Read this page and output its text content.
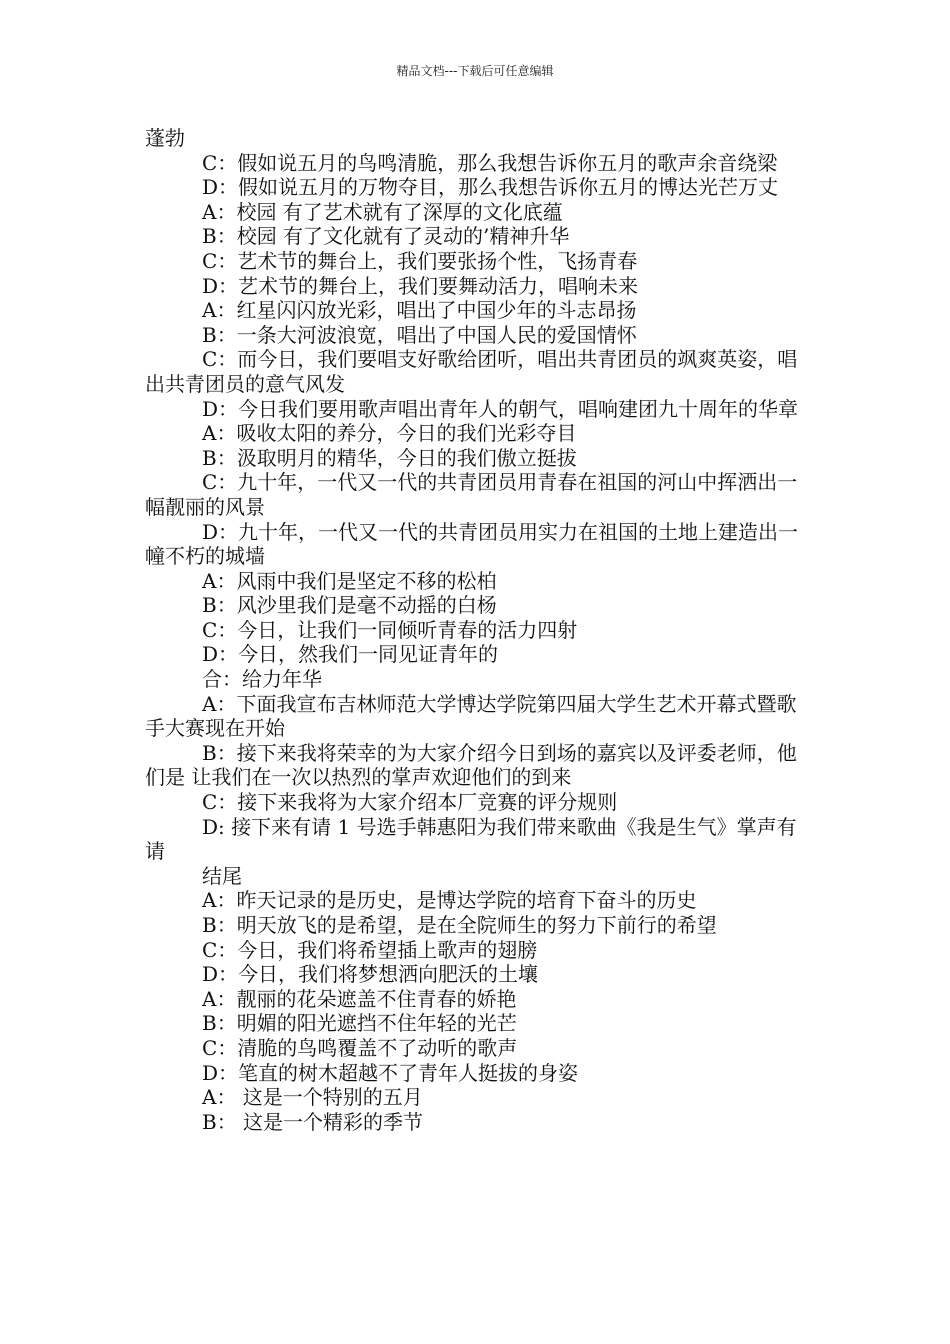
精品文档---下载后可任意编辑

蓬勃

C：假如说五月的鸟鸣清脆，那么我想告诉你五月的歌声余音绕梁

D：假如说五月的万物夺目，那么我想告诉你五月的博达光芒万丈

A：校园 有了艺术就有了深厚的文化底蕴

B：校园 有了文化就有了灵动的’精神升华

C：艺术节的舞台上，我们要张扬个性，飞扬青春

D：艺术节的舞台上，我们要舞动活力，唱响未来

A：红星闪闪放光彩，唱出了中国少年的斗志昂扬

B：一条大河波浪宽，唱出了中国人民的爱国情怀

C：而今日，我们要唱支好歌给团听，唱出共青团员的飒爽英姿，唱出共青团员的意气风发

D：今日我们要用歌声唱出青年人的朝气，唱响建团九十周年的华章

A：吸收太阳的养分，今日的我们光彩夺目

B：汲取明月的精华，今日的我们傲立挺拔

C：九十年，一代又一代的共青团员用青春在祖国的河山中挥洒出一幅靓丽的风景

D：九十年，一代又一代的共青团员用实力在祖国的土地上建造出一幢不朽的城墙

A：风雨中我们是坚定不移的松柏

B：风沙里我们是毫不动摇的白杨

C：今日，让我们一同倾听青春的活力四射

D：今日，然我们一同见证青年的

合：给力年华

A：下面我宣布吉林师范大学博达学院第四届大学生艺术开幕式暨歌手大赛现在开始

B：接下来我将荣幸的为大家介绍今日到场的嘉宾以及评委老师，他们是 让我们在一次以热烈的掌声欢迎他们的到来

C：接下来我将为大家介绍本厂竞赛的评分规则

D: 接下来有请 1 号选手韩惠阳为我们带来歌曲《我是生气》掌声有请

结尾

A：昨天记录的是历史，是博达学院的培育下奋斗的历史

B：明天放飞的是希望，是在全院师生的努力下前行的希望

C：今日，我们将希望插上歌声的翅膀

D：今日，我们将梦想洒向肥沃的土壤

A：靓丽的花朵遮盖不住青春的娇艳

B：明媚的阳光遮挡不住年轻的光芒

C：清脆的鸟鸣覆盖不了动听的歌声

D：笔直的树木超越不了青年人挺拔的身姿

A： 这是一个特别的五月

B： 这是一个精彩的季节
